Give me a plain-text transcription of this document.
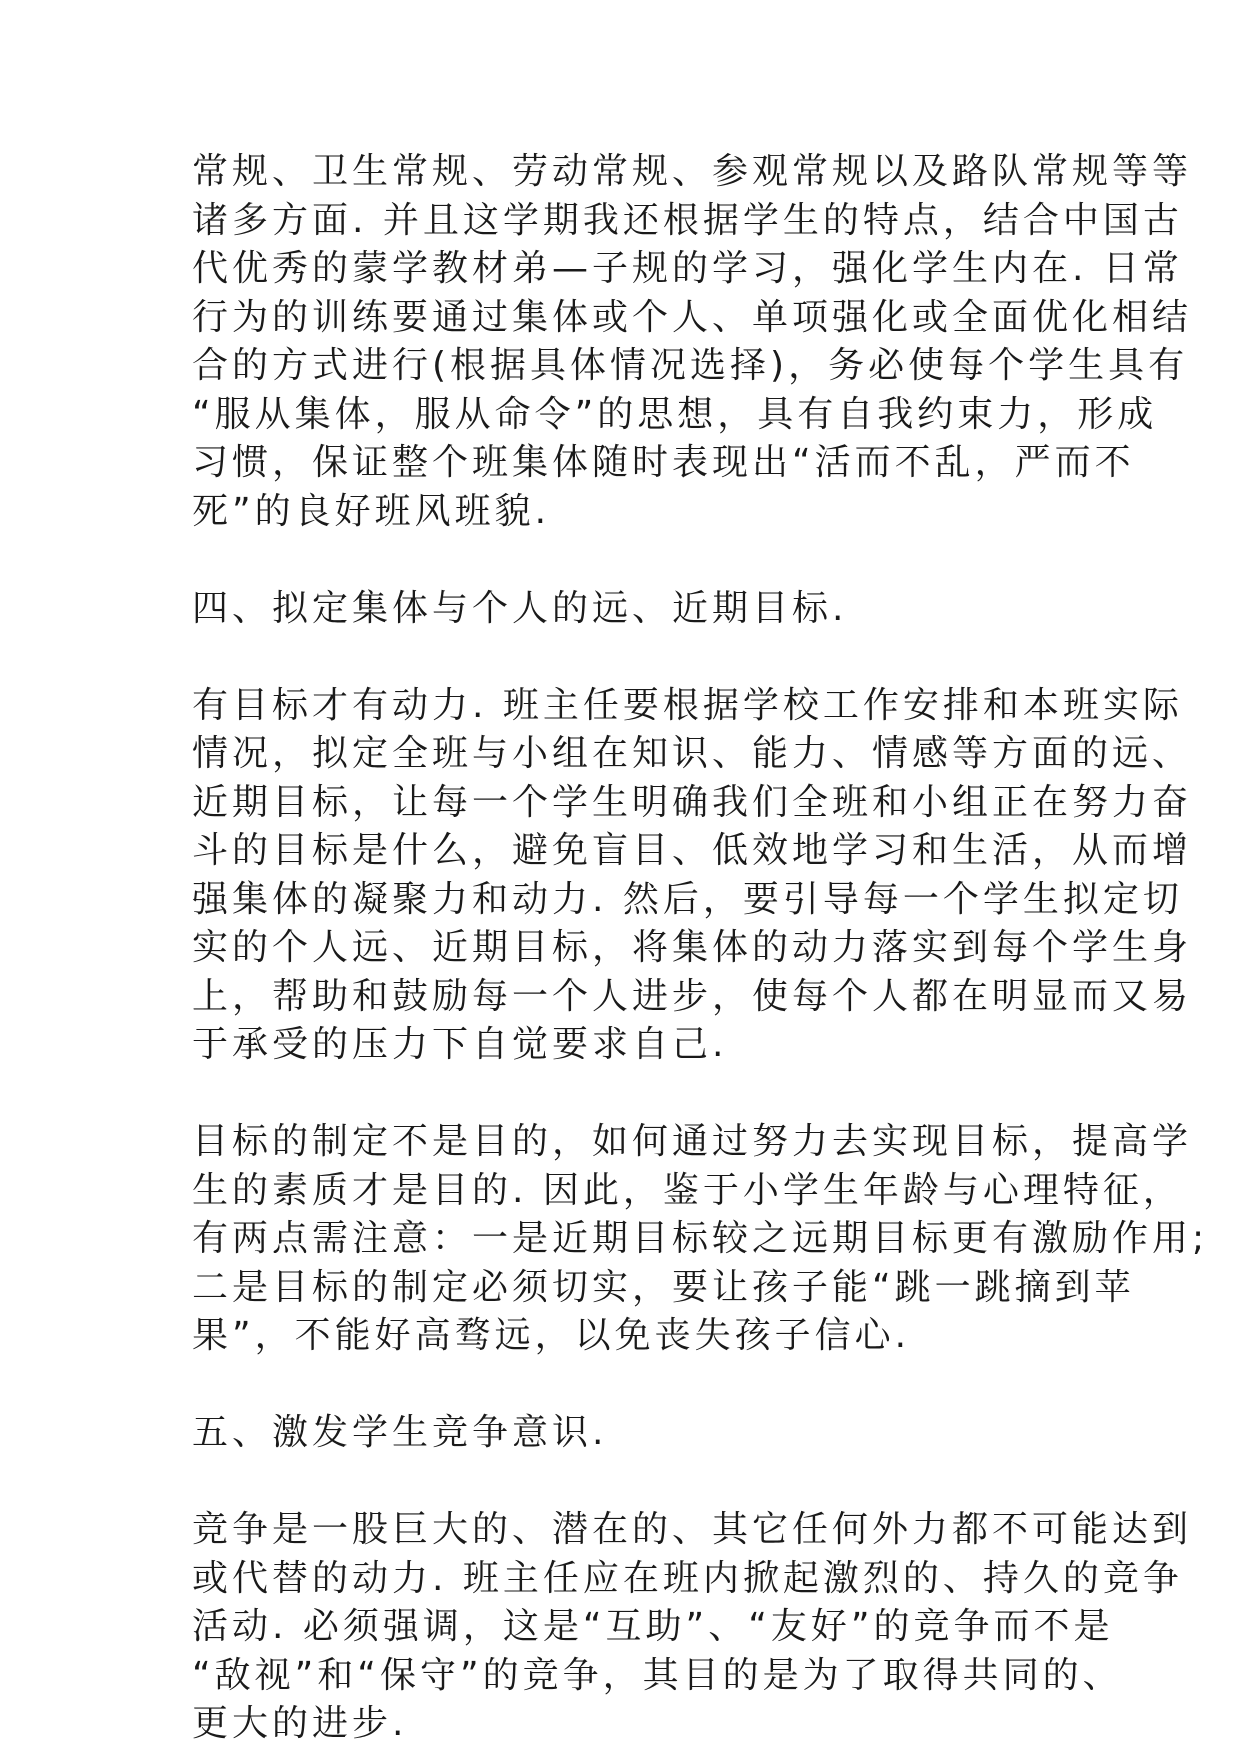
常规、卫生常规、劳动常规、参观常规以及路队常规等等
诸多方面. 并且这学期我还根据学生的特点，结合中国古
代优秀的蒙学教材弟—子规的学习，强化学生内在. 日常
行为的训练要通过集体或个人、单项强化或全面优化相结
合的方式进行(根据具体情况选择)，务必使每个学生具有
“服从集体，服从命令”的思想，具有自我约束力，形成
习惯，保证整个班集体随时表现出“活而不乱，严而不
死”的良好班风班貌.
四、拟定集体与个人的远、近期目标.
有目标才有动力. 班主任要根据学校工作安排和本班实际
情况，拟定全班与小组在知识、能力、情感等方面的远、
近期目标，让每一个学生明确我们全班和小组正在努力奋
斗的目标是什么，避免盲目、低效地学习和生活，从而增
强集体的凝聚力和动力. 然后，要引导每一个学生拟定切
实的个人远、近期目标，将集体的动力落实到每个学生身
上，帮助和鼓励每一个人进步，使每个人都在明显而又易
于承受的压力下自觉要求自己.
目标的制定不是目的，如何通过努力去实现目标，提高学
生的素质才是目的. 因此，鉴于小学生年龄与心理特征，
有两点需注意：一是近期目标较之远期目标更有激励作用;
二是目标的制定必须切实，要让孩子能“跳一跳摘到苹
果”，不能好高骛远，以免丧失孩子信心.
五、激发学生竞争意识.
竞争是一股巨大的、潜在的、其它任何外力都不可能达到
或代替的动力. 班主任应在班内掀起激烈的、持久的竞争
活动. 必须强调，这是“互助”、“友好”的竞争而不是
“敌视”和“保守”的竞争，其目的是为了取得共同的、
更大的进步.
